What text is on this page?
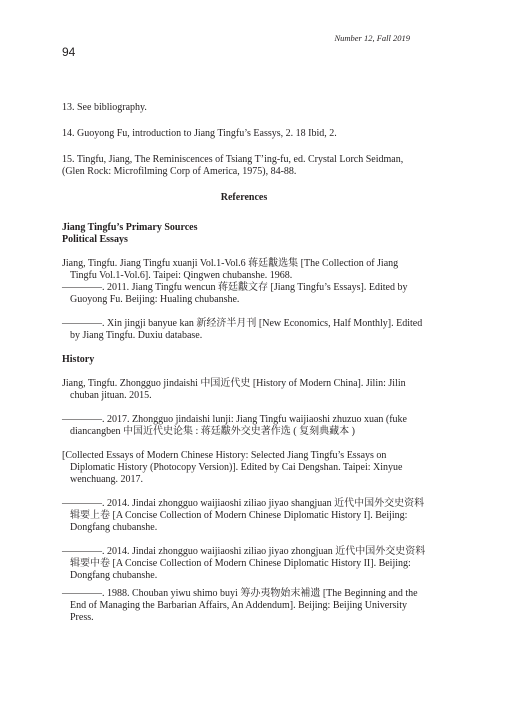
Number 12, Fall 2019
94

13. See bibliography.

14. Guoyong Fu, introduction to Jiang Tingfu’s Eassys, 2. 18 Ibid, 2.

15. Tingfu, Jiang, The Reminiscences of Tsiang T’ing-fu, ed. Crystal Lorch Seidman, (Glen Rock: Microfilming Corp of America, 1975), 84-88.

References

Jiang Tingfu’s Primary Sources

Political Essays

Jiang, Tingfu. Jiang Tingfu xuanji Vol.1-Vol.6 蒋廷黻选集 [The Collection of Jiang Tingfu Vol.1-Vol.6]. Taipei: Qingwen chubanshe. 1968.

————. 2011. Jiang Tingfu wencun 蒋廷黻文存 [Jiang Tingfu’s Essays]. Edited by Guoyong Fu. Beijing: Hualing chubanshe.

————. Xin jingji banyue kan 新经济半月刊 [New Economics, Half Monthly]. Edited by Jiang Tingfu. Duxiu database.

History

Jiang, Tingfu. Zhongguo jindaishi 中国近代史 [History of Modern China]. Jilin: Jilin chuban jituan. 2015.

————. 2017. Zhongguo jindaishi lunji: Jiang Tingfu waijiaoshi zhuzuo xuan (fuke diancangben 中国近代史论集 : 蒋廷黻外交史著作选 ( 复刻典藏本 )

[Collected Essays of Modern Chinese History: Selected Jiang Tingfu’s Essays on Diplomatic History (Photocopy Version)]. Edited by Cai Dengshan. Taipei: Xinyue wenchuang. 2017.

————. 2014. Jindai zhongguo waijiaoshi ziliao jiyao shangjuan 近代中国外交史资料辑要上卷 [A Concise Collection of Modern Chinese Diplomatic History I]. Beijing: Dongfang chubanshe.

————. 2014. Jindai zhongguo waijiaoshi ziliao jiyao zhongjuan 近代中国外交史资料辑要中卷 [A Concise Collection of Modern Chinese Diplomatic History II]. Beijing: Dongfang chubanshe.

————. 1988. Chouban yiwu shimo buyi 筹办夷物始末補遗 [The Beginning and the End of Managing the Barbarian Affairs, An Addendum]. Beijing: Beijing University Press.
